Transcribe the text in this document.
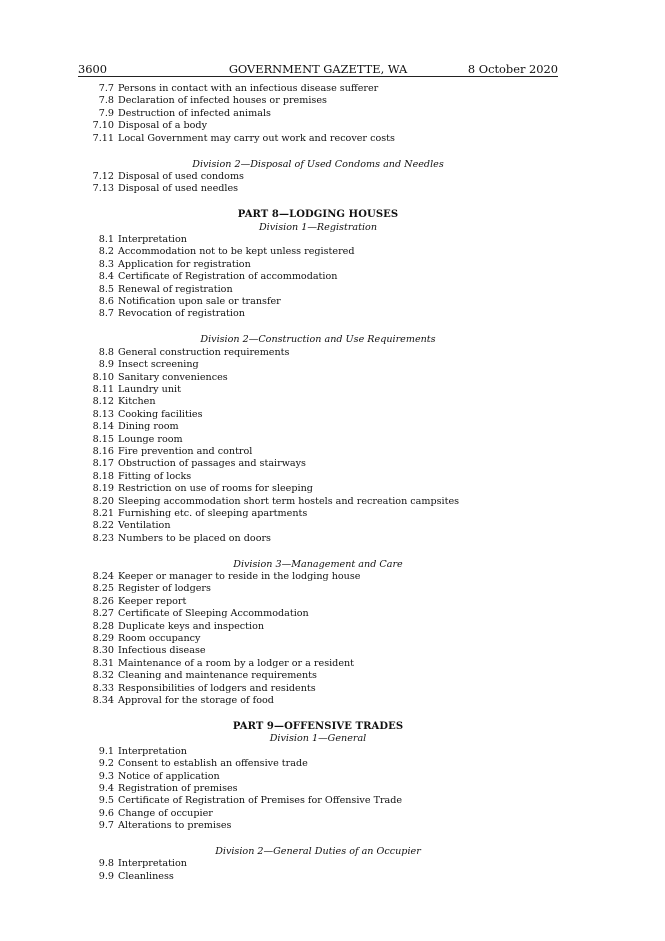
3600	GOVERNMENT GAZETTE, WA	8 October 2020
7.7 Persons in contact with an infectious disease sufferer
7.8 Declaration of infected houses or premises
7.9 Destruction of infected animals
7.10 Disposal of a body
7.11 Local Government may carry out work and recover costs
Division 2—Disposal of Used Condoms and Needles
7.12 Disposal of used condoms
7.13 Disposal of used needles
PART 8—LODGING HOUSES
Division 1—Registration
8.1 Interpretation
8.2 Accommodation not to be kept unless registered
8.3 Application for registration
8.4 Certificate of Registration of accommodation
8.5 Renewal of registration
8.6 Notification upon sale or transfer
8.7 Revocation of registration
Division 2—Construction and Use Requirements
8.8 General construction requirements
8.9 Insect screening
8.10 Sanitary conveniences
8.11 Laundry unit
8.12 Kitchen
8.13 Cooking facilities
8.14 Dining room
8.15 Lounge room
8.16 Fire prevention and control
8.17 Obstruction of passages and stairways
8.18 Fitting of locks
8.19 Restriction on use of rooms for sleeping
8.20 Sleeping accommodation short term hostels and recreation campsites
8.21 Furnishing etc. of sleeping apartments
8.22 Ventilation
8.23 Numbers to be placed on doors
Division 3—Management and Care
8.24 Keeper or manager to reside in the lodging house
8.25 Register of lodgers
8.26 Keeper report
8.27 Certificate of Sleeping Accommodation
8.28 Duplicate keys and inspection
8.29 Room occupancy
8.30 Infectious disease
8.31 Maintenance of a room by a lodger or a resident
8.32 Cleaning and maintenance requirements
8.33 Responsibilities of lodgers and residents
8.34 Approval for the storage of food
PART 9—OFFENSIVE TRADES
Division 1—General
9.1 Interpretation
9.2 Consent to establish an offensive trade
9.3 Notice of application
9.4 Registration of premises
9.5 Certificate of Registration of Premises for Offensive Trade
9.6 Change of occupier
9.7 Alterations to premises
Division 2—General Duties of an Occupier
9.8 Interpretation
9.9 Cleanliness
